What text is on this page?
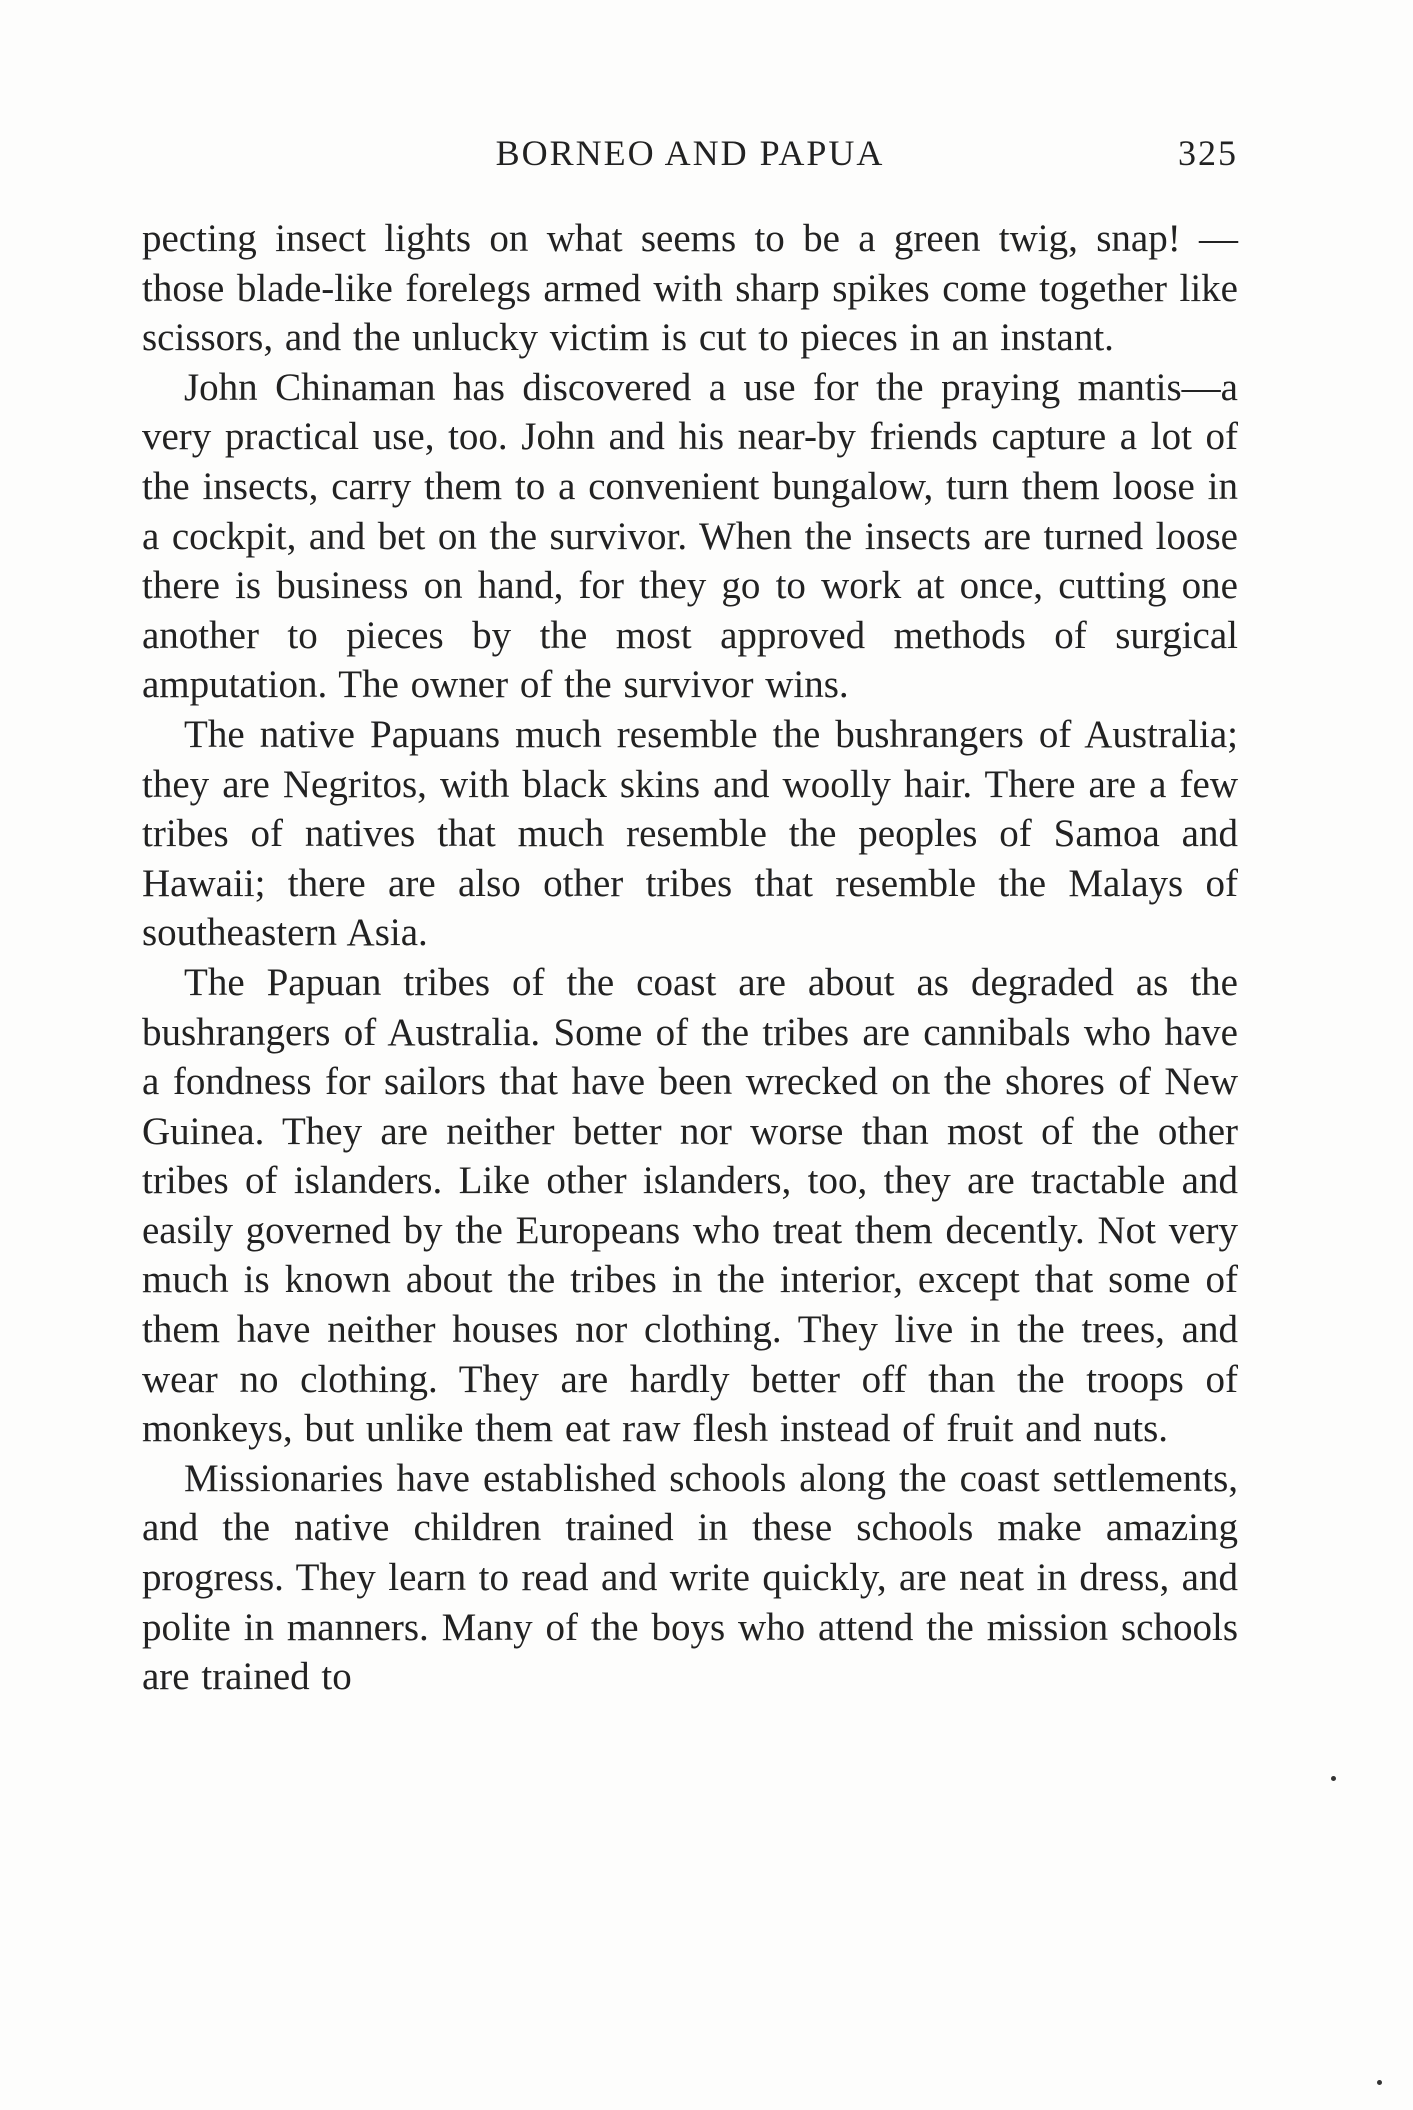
BORNEO AND PAPUA	325

pecting insect lights on what seems to be a green twig, snap! —those blade-like forelegs armed with sharp spikes come together like scissors, and the unlucky victim is cut to pieces in an instant.

John Chinaman has discovered a use for the praying mantis—a very practical use, too. John and his near-by friends capture a lot of the insects, carry them to a convenient bungalow, turn them loose in a cockpit, and bet on the survivor. When the insects are turned loose there is business on hand, for they go to work at once, cutting one another to pieces by the most approved methods of surgical amputation. The owner of the survivor wins.

The native Papuans much resemble the bushrangers of Australia; they are Negritos, with black skins and woolly hair. There are a few tribes of natives that much resemble the peoples of Samoa and Hawaii; there are also other tribes that resemble the Malays of southeastern Asia.

The Papuan tribes of the coast are about as degraded as the bushrangers of Australia. Some of the tribes are cannibals who have a fondness for sailors that have been wrecked on the shores of New Guinea. They are neither better nor worse than most of the other tribes of islanders. Like other islanders, too, they are tractable and easily governed by the Europeans who treat them decently. Not very much is known about the tribes in the interior, except that some of them have neither houses nor clothing. They live in the trees, and wear no clothing. They are hardly better off than the troops of monkeys, but unlike them eat raw flesh instead of fruit and nuts.

Missionaries have established schools along the coast settlements, and the native children trained in these schools make amazing progress. They learn to read and write quickly, are neat in dress, and polite in manners. Many of the boys who attend the mission schools are trained to
